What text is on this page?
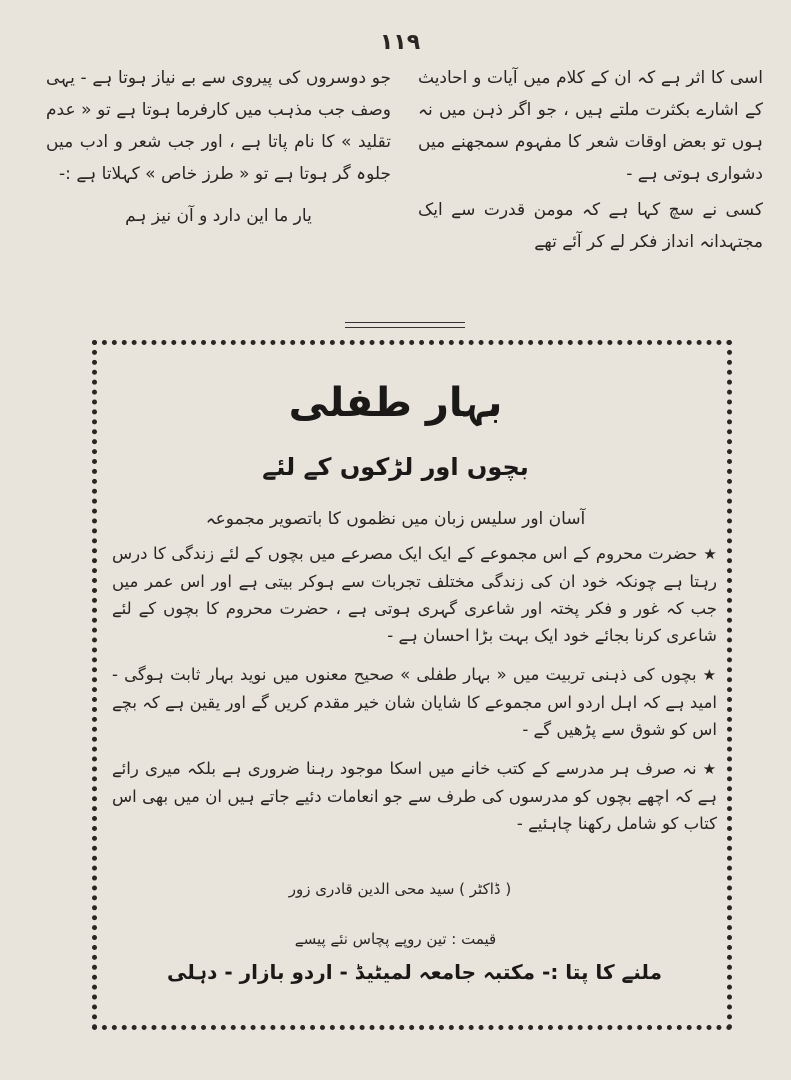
۱۱۹

اسی کا اثر ہے کہ ان کے کلام میں آیات و احادیث کے اشارے بکثرت ملتے ہیں ، جو اگر ذہن میں نہ ہوں تو بعض اوقات شعر کا مفہوم سمجھنے میں دشواری ہوتی ہے -

کسی نے سچ کہا ہے کہ مومن قدرت سے ایک مجتہدانہ انداز فکر لے کر آئے تھے

جو دوسروں کی پیروی سے بے نیاز ہوتا ہے - یہی وصف جب مذہب میں کارفرما ہوتا ہے تو « عدم تقلید » کا نام پاتا ہے ، اور جب شعر و ادب میں جلوہ گر ہوتا ہے تو « طرز خاص » کہلاتا ہے :-

یار ما این دارد و آن نیز ہم

بہار طفلی
بچوں اور لڑکوں کے لئے
آسان اور سلیس زبان میں نظموں کا باتصویر مجموعہ

★حضرت محروم کے اس مجموعے کے ایک ایک مصرعے میں بچوں کے لئے زندگی کا درس رہتا ہے چونکہ خود ان کی زندگی مختلف تجربات سے ہوکر بیتی ہے اور اس عمر میں جب کہ غور و فکر پختہ اور شاعری گہری ہوتی ہے ، حضرت محروم کا بچوں کے لئے شاعری کرنا بجائے خود ایک بہت بڑا احسان ہے -

★بچوں کی ذہنی تربیت میں « بہار طفلی » صحیح معنوں میں نوید بہار ثابت ہوگی - امید ہے کہ اہل اردو اس مجموعے کا شایان شان خیر مقدم کریں گے اور یقین ہے کہ بچے اس کو شوق سے پڑھیں گے -

★نہ صرف ہر مدرسے کے کتب خانے میں اسکا موجود رہنا ضروری ہے بلکہ میری رائے ہے کہ اچھے بچوں کو مدرسوں کی طرف سے جو انعامات دئیے جاتے ہیں ان میں بھی اس کتاب کو شامل رکھنا چاہئیے -

( ڈاکٹر ) سید محی الدین قادری زور
قیمت : تین روپے پچاس نئے پیسے
ملنے کا پتا :- مکتبہ جامعہ لمیٹیڈ - اردو بازار - دہلی
